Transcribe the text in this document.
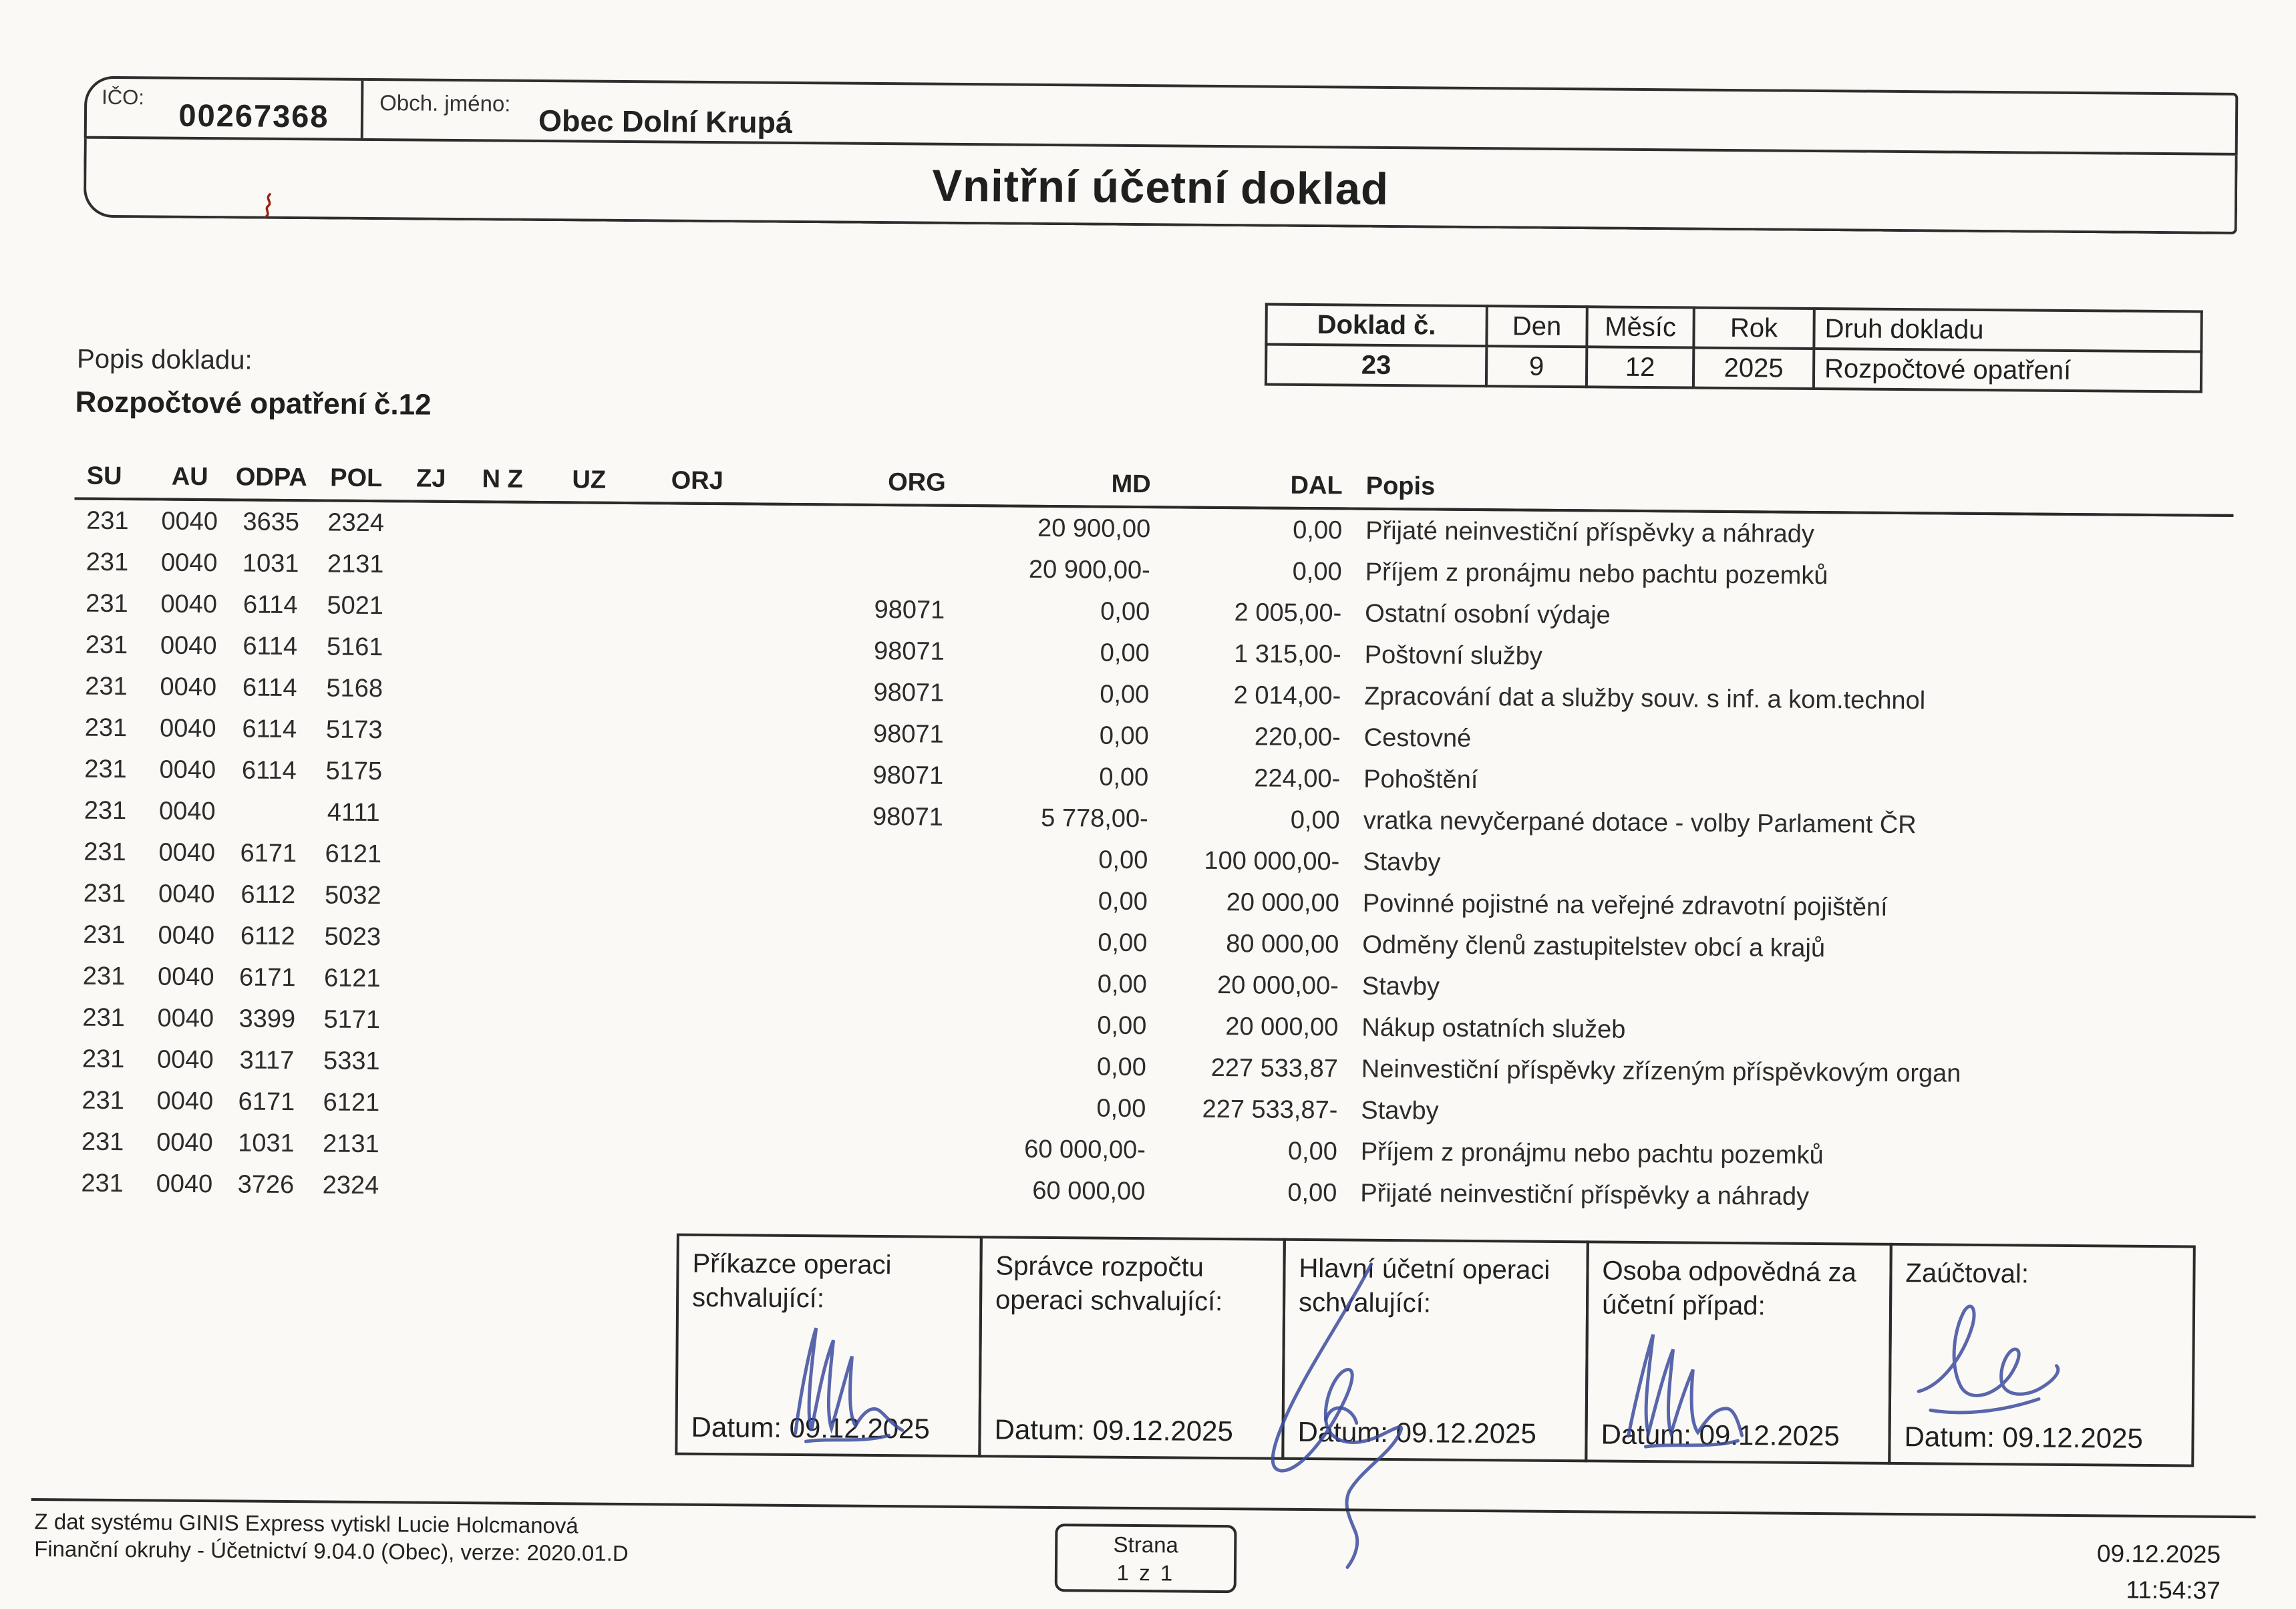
IČO:
00267368	Obch. jméno:
Obec Dolní Krupá
Vnitřní účetní doklad
Doklad č.	Den	Měsíc	Rok	Druh dokladu
23	9	12	2025	Rozpočtové opatření
Popis dokladu:
Rozpočtové opatření č.12
SU	AU	ODPA	POL	ZJ	N Z	UZ	ORJ	ORG	MD	DAL	Popis
231	0040	3635	2324						20 900,00	0,00	Přijaté neinvestiční příspěvky a náhrady
231	0040	1031	2131						20 900,00-	0,00	Příjem z pronájmu nebo pachtu pozemků
231	0040	6114	5021					98071	0,00	2 005,00-	Ostatní osobní výdaje
231	0040	6114	5161					98071	0,00	1 315,00-	Poštovní služby
231	0040	6114	5168					98071	0,00	2 014,00-	Zpracování dat a služby souv. s inf. a kom.technol
231	0040	6114	5173					98071	0,00	220,00-	Cestovné
231	0040	6114	5175					98071	0,00	224,00-	Pohoštění
231	0040		4111					98071	5 778,00-	0,00	vratka nevyčerpané dotace - volby Parlament ČR
231	0040	6171	6121						0,00	100 000,00-	Stavby
231	0040	6112	5032						0,00	20 000,00	Povinné pojistné na veřejné zdravotní pojištění
231	0040	6112	5023						0,00	80 000,00	Odměny členů zastupitelstev obcí a krajů
231	0040	6171	6121						0,00	20 000,00-	Stavby
231	0040	3399	5171						0,00	20 000,00	Nákup ostatních služeb
231	0040	3117	5331						0,00	227 533,87	Neinvestiční příspěvky zřízeným příspěvkovým organ
231	0040	6171	6121						0,00	227 533,87-	Stavby
231	0040	1031	2131						60 000,00-	0,00	Příjem z pronájmu nebo pachtu pozemků
231	0040	3726	2324						60 000,00	0,00	Přijaté neinvestiční příspěvky a náhrady
Příkazce operaci schvalující:
Datum: 09.12.2025
Správce rozpočtu operaci schvalující:
Datum: 09.12.2025
Hlavní účetní operaci schvalující:
Datum: 09.12.2025
Osoba odpovědná za účetní případ:
Datum: 09.12.2025
Zaúčtoval:
Datum: 09.12.2025
Z dat systému GINIS Express vytiskl Lucie Holcmanová
Finanční okruhy - Účetnictví 9.04.0 (Obec), verze: 2020.01.D	Strana
1 z 1
09.12.2025
11:54:37
